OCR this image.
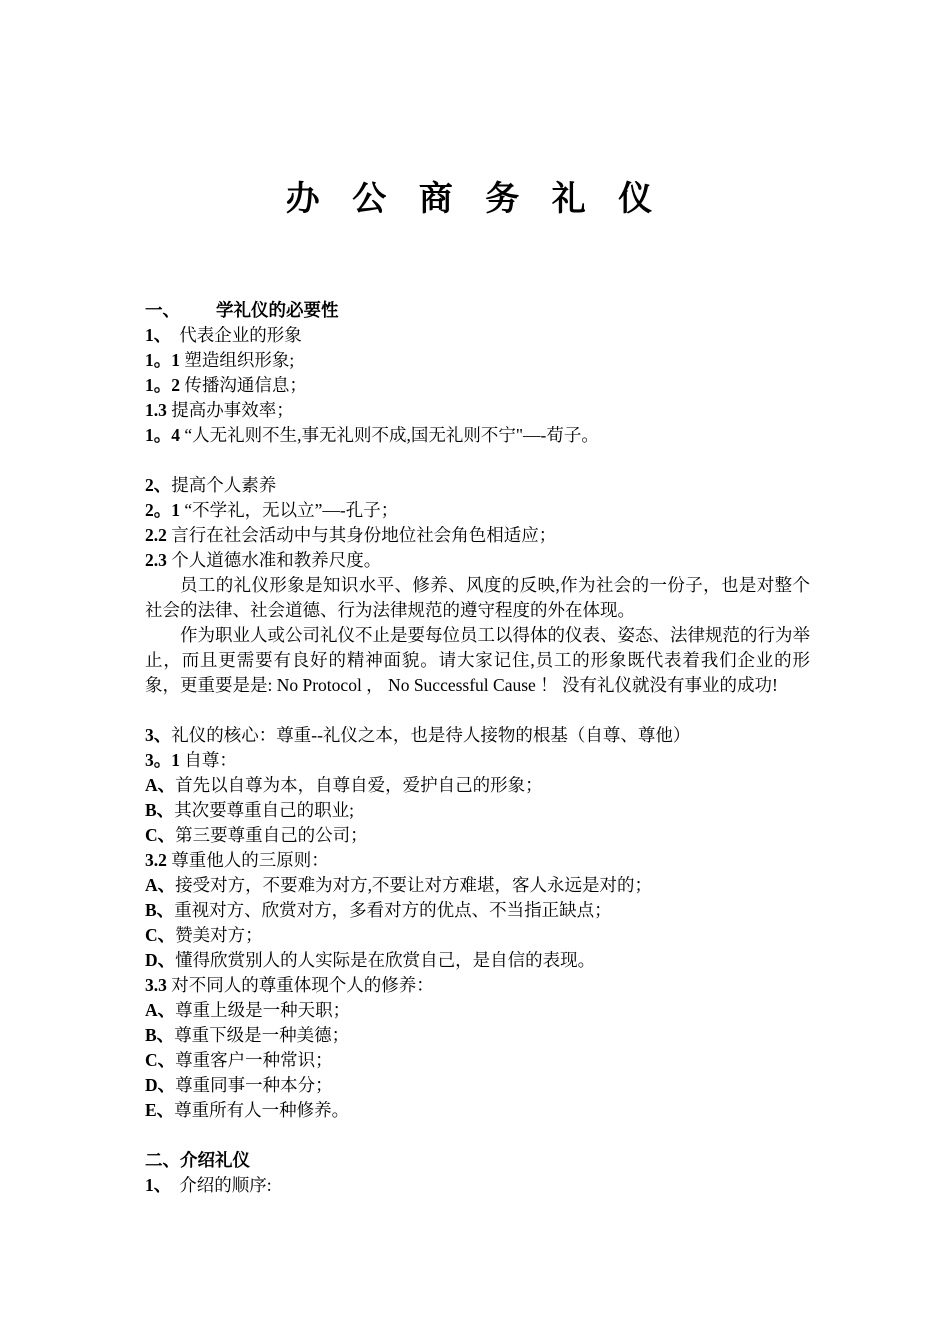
办 公 商 务 礼 仪
一、 学礼仪的必要性
1、 代表企业的形象
1。1 塑造组织形象;
1。2 传播沟通信息；
1.3 提高办事效率；
1。4 “人无礼则不生,事无礼则不成,国无礼则不宁"—-荀子。
2、提高个人素养
2。1 “不学礼，无以立”—-孔子；
2.2 言行在社会活动中与其身份地位社会角色相适应；
2.3 个人道德水准和教养尺度。
员工的礼仪形象是知识水平、修养、风度的反映,作为社会的一份子，也是对整个社会的法律、社会道德、行为法律规范的遵守程度的外在体现。
作为职业人或公司礼仪不止是要每位员工以得体的仪表、姿态、法律规范的行为举止，而且更需要有良好的精神面貌。请大家记住,员工的形象既代表着我们企业的形象，更重要是是: No Protocol ， No Successful Cause ！ 没有礼仪就没有事业的成功!
3、礼仪的核心：尊重--礼仪之本，也是待人接物的根基（自尊、尊他）
3。1 自尊：
A、首先以自尊为本，自尊自爱，爱护自己的形象；
B、其次要尊重自己的职业;
C、第三要尊重自己的公司；
3.2 尊重他人的三原则：
A、接受对方，不要难为对方,不要让对方难堪，客人永远是对的；
B、重视对方、欣赏对方，多看对方的优点、不当指正缺点；
C、赞美对方；
D、懂得欣赏别人的人实际是在欣赏自己，是自信的表现。
3.3 对不同人的尊重体现个人的修养：
A、尊重上级是一种天职；
B、尊重下级是一种美德；
C、尊重客户一种常识；
D、尊重同事一种本分；
E、尊重所有人一种修养。
二、介绍礼仪
1、 介绍的顺序:
